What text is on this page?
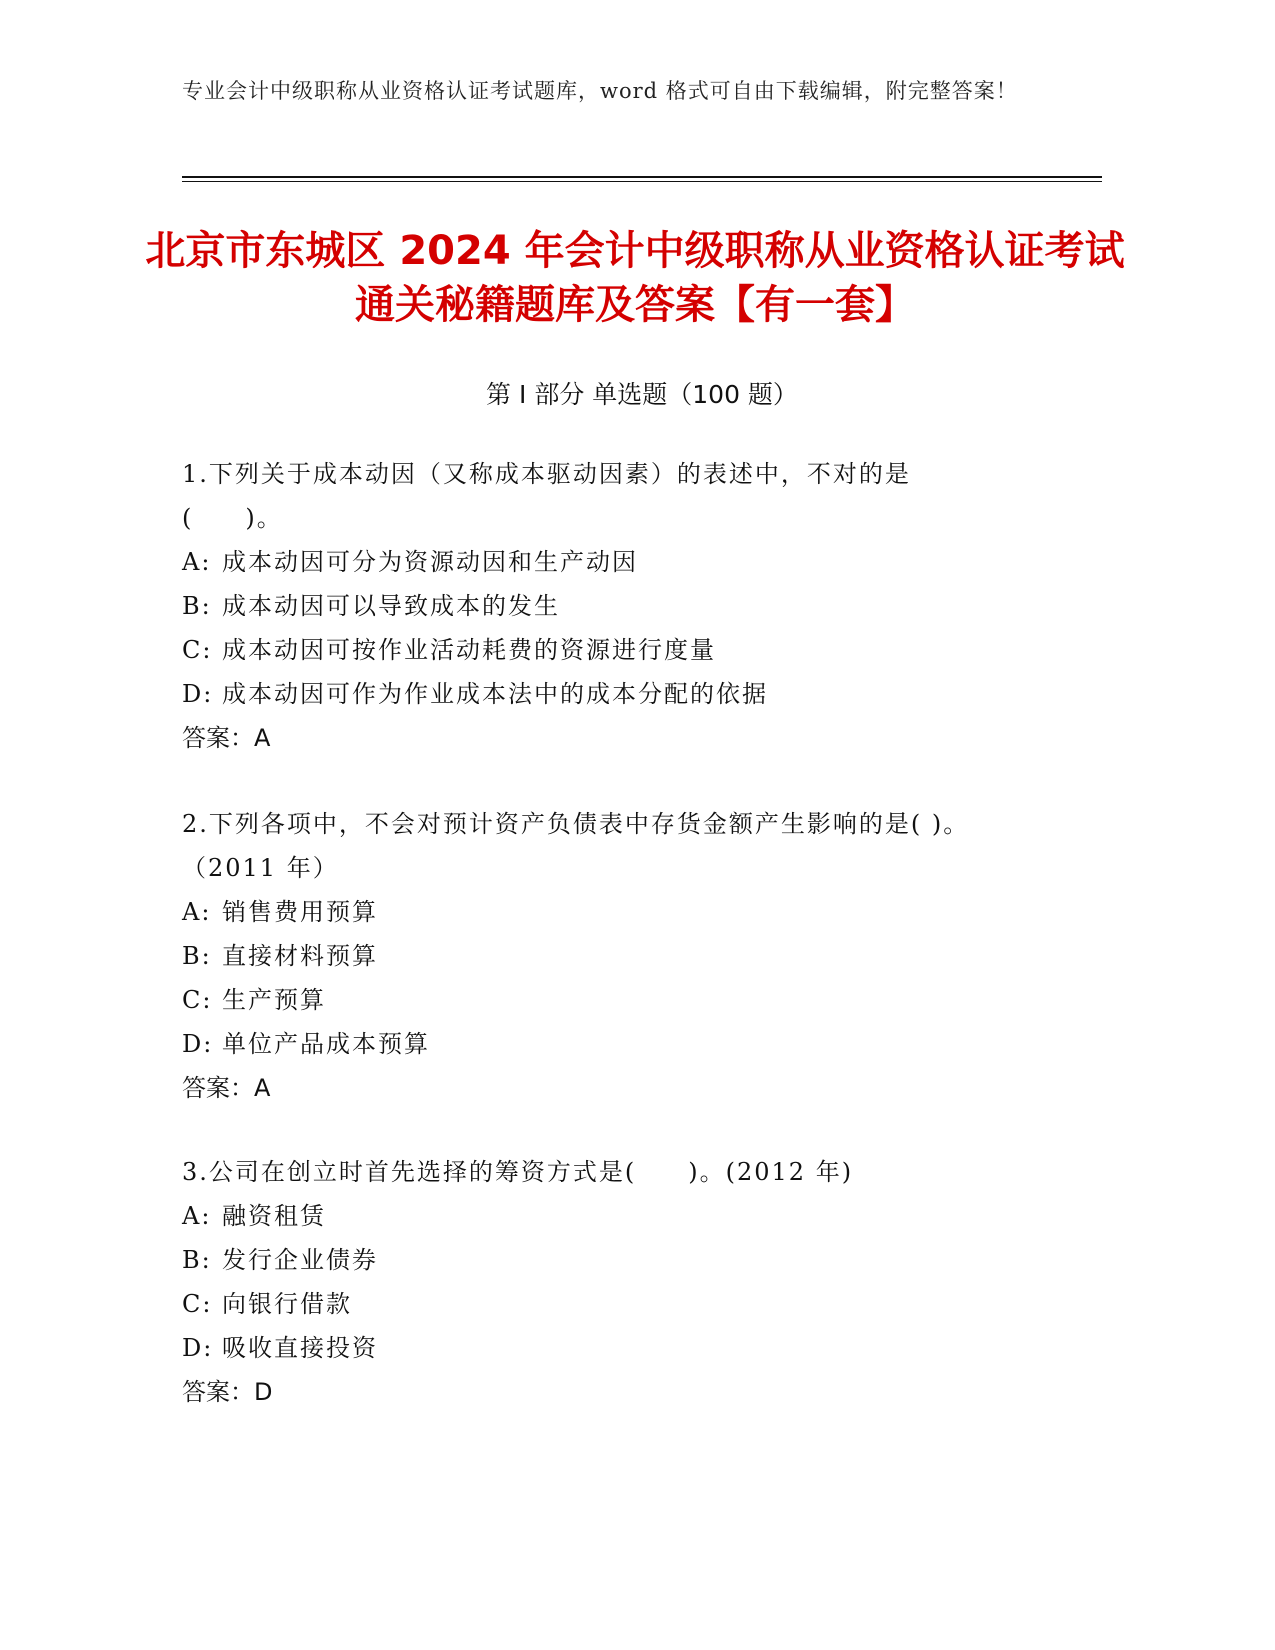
专业会计中级职称从业资格认证考试题库，word 格式可自由下载编辑，附完整答案！
北京市东城区 2024 年会计中级职称从业资格认证考试通关秘籍题库及答案【有一套】
第 I 部分 单选题（100 题）

1.下列关于成本动因（又称成本驱动因素）的表述中，不对的是(　　)。

A: 成本动因可分为资源动因和生产动因

B: 成本动因可以导致成本的发生

C: 成本动因可按作业活动耗费的资源进行度量

D: 成本动因可作为作业成本法中的成本分配的依据

答案：A

2.下列各项中，不会对预计资产负债表中存货金额产生影响的是( )。（2011 年）

A: 销售费用预算

B: 直接材料预算

C: 生产预算

D: 单位产品成本预算

答案：A

3.公司在创立时首先选择的筹资方式是(　　)。(2012 年)

A: 融资租赁

B: 发行企业债券

C: 向银行借款

D: 吸收直接投资

答案：D
